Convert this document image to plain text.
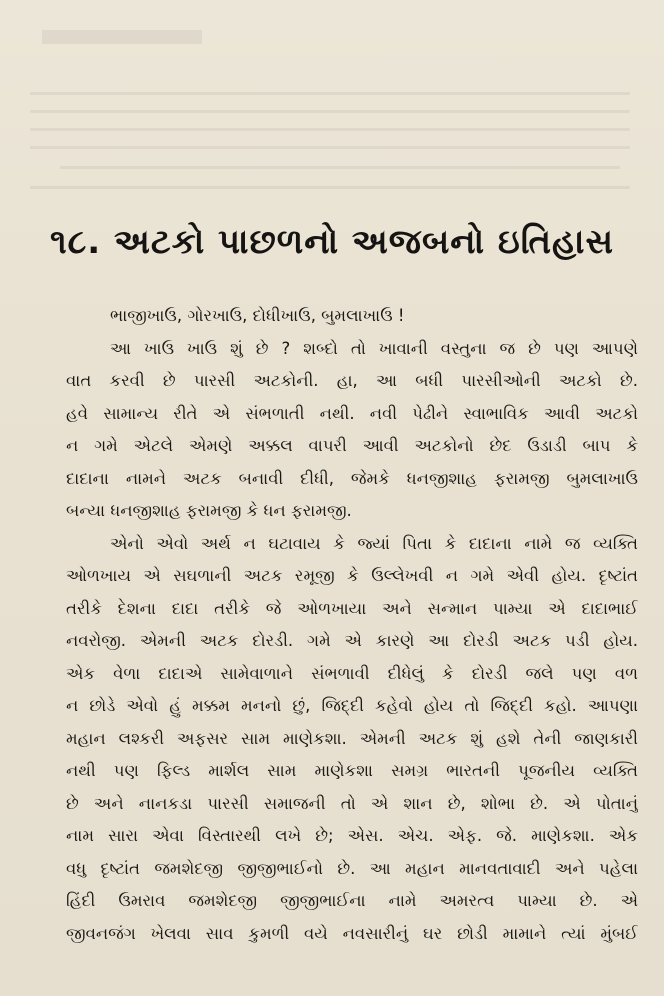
૧૮. અટકો પાછળનો અજબનો ઇતિહાસ
ભાજીખાઉ, ગોરખાઉ, દોધીખાઉ, બુમલાખાઉ !
આ ખાઉ ખાઉ શું છે ? શબ્દો તો ખાવાની વસ્તુના જ છે પણ આપણે
વાત કરવી છે પારસી અટકોની. હા, આ બધી પારસીઓની અટકો છે.
હવે સામાન્ય રીતે એ સંભળાતી નથી. નવી પેઢીને સ્વાભાવિક આવી અટકો
ન ગમે એટલે એમણે અક્કલ વાપરી આવી અટકોનો છેદ ઉડાડી બાપ કે
દાદાના નામને અટક બનાવી દીધી, જેમકે ધનજીશાહ ફરામજી બુમલાખાઉ
બન્યા ધનજીશાહ ફરામજી કે ધન ફરામજી.
એનો એવો અર્થ ન ઘટાવાય કે જ્યાં પિતા કે દાદાના નામે જ વ્યક્તિ
ઓળખાય એ સઘળાની અટક રમૂજી કે ઉલ્લેખવી ન ગમે એવી હોય. દૃષ્ટાંત
તરીકે દેશના દાદા તરીકે જે ઓળખાયા અને સન્માન પામ્યા એ દાદાભાઈ
નવરોજી. એમની અટક દોરડી. ગમે એ કારણે આ દોરડી અટક પડી હોય.
એક વેળા દાદાએ સામેવાળાને સંભળાવી દીધેલું કે દોરડી જલે પણ વળ
ન છોડે એવો હું મક્કમ મનનો છું, જિદ્દી કહેવો હોય તો જિદ્દી કહો. આપણા
મહાન લશ્કરી અફસર સામ માણેકશા. એમની અટક શું હશે તેની જાણકારી
નથી પણ ફિલ્ડ માર્શલ સામ માણેકશા સમગ્ર ભારતની પૂજનીય વ્યક્તિ
છે અને નાનકડા પારસી સમાજની તો એ શાન છે, શોભા છે. એ પોતાનું
નામ સારા એવા વિસ્તારથી લખે છે; એસ. એચ. એફ. જે. માણેકશા. એક
વધુ દૃષ્ટાંત જમશેદજી જીજીભાઈનો છે. આ મહાન માનવતાવાદી અને પહેલા
હિંદી ઉમરાવ જમશેદજી જીજીભાઈના નામે અમરત્વ પામ્યા છે. એ
જીવનજંગ ખેલવા સાવ કુમળી વયે નવસારીનું ઘર છોડી મામાને ત્યાં મુંબઈ
